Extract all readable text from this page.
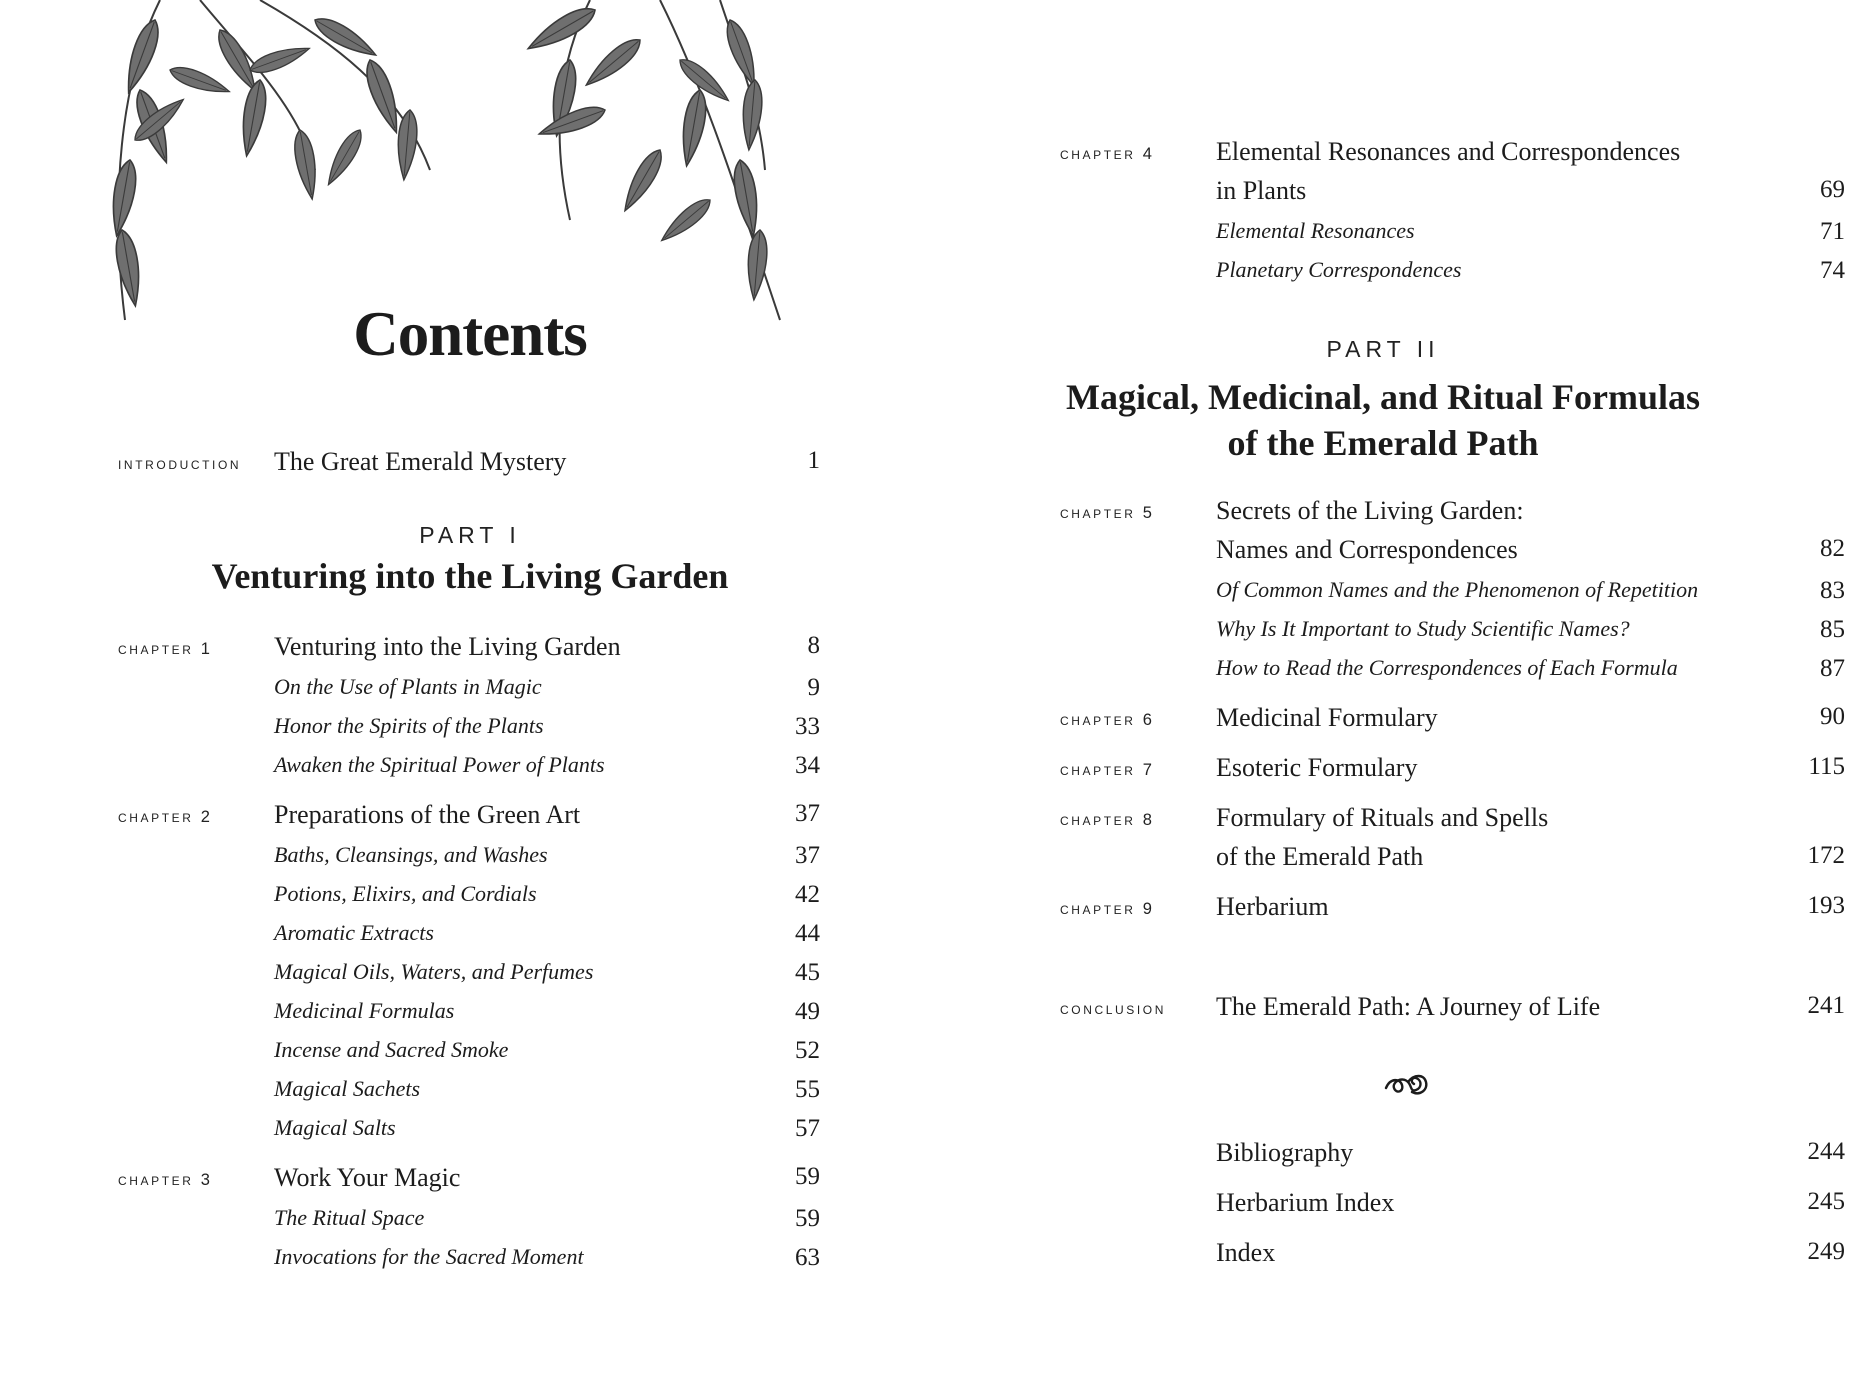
Contents
introduction The Great Emerald Mystery	1
PART I
Venturing into the Living Garden
chapter 1 Venturing into the Living Garden	8
On the Use of Plants in Magic	9
Honor the Spirits of the Plants	33
Awaken the Spiritual Power of Plants	34
chapter 2 Preparations of the Green Art	37
Baths, Cleansings, and Washes	37
Potions, Elixirs, and Cordials	42
Aromatic Extracts	44
Magical Oils, Waters, and Perfumes	45
Medicinal Formulas	49
Incense and Sacred Smoke	52
Magical Sachets	55
Magical Salts	57
chapter 3 Work Your Magic	59
The Ritual Space	59
Invocations for the Sacred Moment	63
chapter 4 Elemental Resonances and Correspondences
in Plants	69
Elemental Resonances	71
Planetary Correspondences	74
PART II
Magical, Medicinal, and Ritual Formulas
of the Emerald Path
chapter 5 Secrets of the Living Garden:
Names and Correspondences	82
Of Common Names and the Phenomenon of Repetition	83
Why Is It Important to Study Scientific Names?	85
How to Read the Correspondences of Each Formula	87
chapter 6 Medicinal Formulary	90
chapter 7 Esoteric Formulary	115
chapter 8 Formulary of Rituals and Spells
of the Emerald Path	172
chapter 9 Herbarium	193
conclusion The Emerald Path: A Journey of Life	241
Bibliography	244
Herbarium Index	245
Index	249
